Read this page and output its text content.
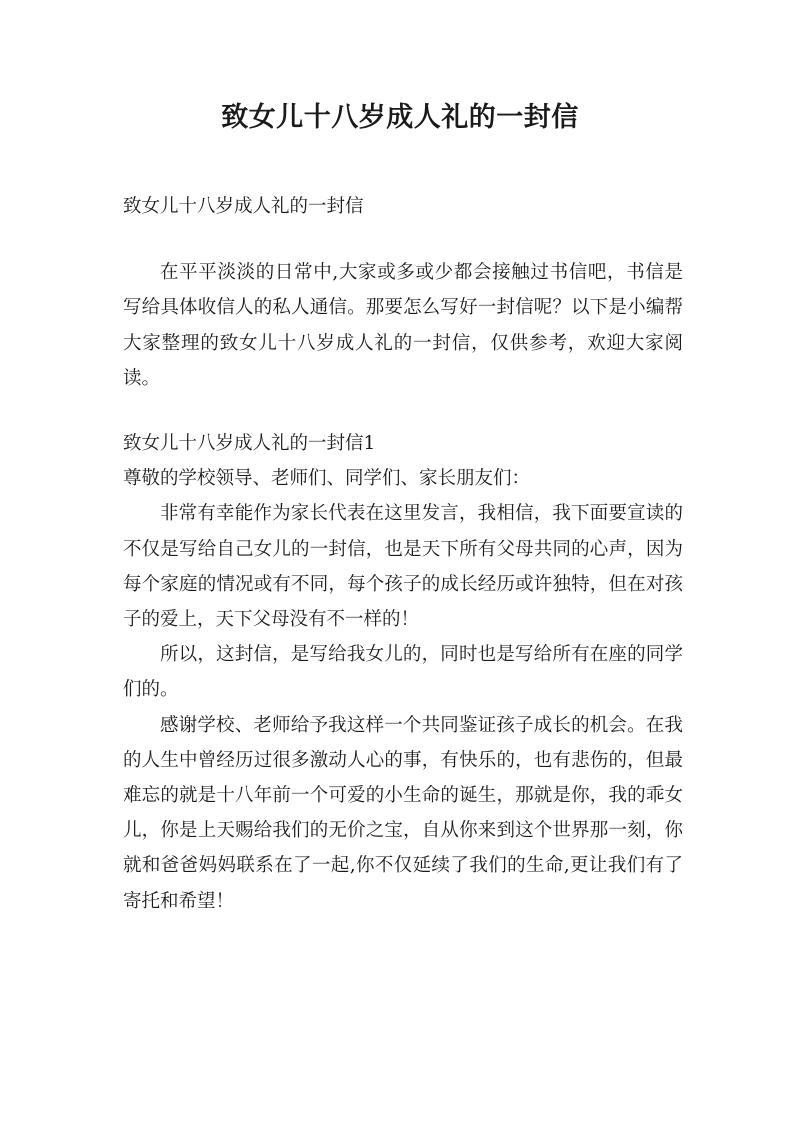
致女儿十八岁成人礼的一封信

致女儿十八岁成人礼的一封信

在平平淡淡的日常中,大家或多或少都会接触过书信吧，书信是写给具体收信人的私人通信。那要怎么写好一封信呢？以下是小编帮大家整理的致女儿十八岁成人礼的一封信，仅供参考，欢迎大家阅读。

致女儿十八岁成人礼的一封信1

尊敬的学校领导、老师们、同学们、家长朋友们：

非常有幸能作为家长代表在这里发言，我相信，我下面要宣读的不仅是写给自己女儿的一封信，也是天下所有父母共同的心声，因为每个家庭的情况或有不同，每个孩子的成长经历或许独特，但在对孩子的爱上，天下父母没有不一样的！

所以，这封信，是写给我女儿的，同时也是写给所有在座的同学们的。

感谢学校、老师给予我这样一个共同鉴证孩子成长的机会。在我的人生中曾经历过很多激动人心的事，有快乐的，也有悲伤的，但最难忘的就是十八年前一个可爱的小生命的诞生，那就是你，我的乖女儿，你是上天赐给我们的无价之宝，自从你来到这个世界那一刻，你就和爸爸妈妈联系在了一起,你不仅延续了我们的生命,更让我们有了寄托和希望！
